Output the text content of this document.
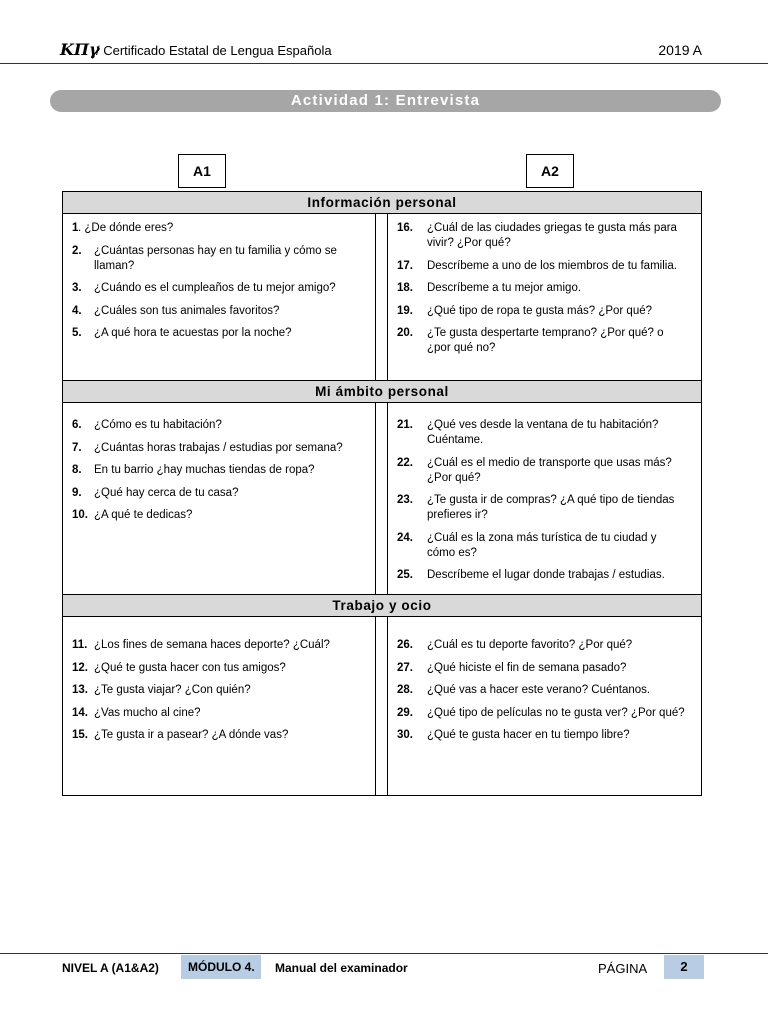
ΚΠγ
/ Certificado Estatal de Lengua Española	2019 A
Actividad 1: Entrevista
A1	A2
Información personal
1 . ¿De dónde eres?
2. ¿Cuántas personas hay en tu familia y cómo se llaman?
3. ¿Cuándo es el cumpleaños de tu mejor amigo?
4. ¿Cuáles son tus animales favoritos?
5. ¿A qué hora te acuestas por la noche?
16. ¿Cuál de las ciudades griegas te gusta más para vivir? ¿Por qué?
17. Descríbeme a uno de los miembros de tu familia.
18. Descríbeme a tu mejor amigo.
19. ¿Qué tipo de ropa te gusta más? ¿Por qué?
20. ¿Te gusta despertarte temprano? ¿Por qué? o ¿por qué no?
Mi ámbito personal
6. ¿Cómo es tu habitación?
7. ¿Cuántas horas trabajas / estudias por semana?
8. En tu barrio ¿hay muchas tiendas de ropa?
9. ¿Qué hay cerca de tu casa?
10. ¿A qué te dedicas?
21. ¿Qué ves desde la ventana de tu habitación? Cuéntame.
22. ¿Cuál es el medio de transporte que usas más? ¿Por qué?
23. ¿Te gusta ir de compras? ¿A qué tipo de tiendas prefieres ir?
24. ¿Cuál es la zona más turística de tu ciudad y cómo es?
25. Descríbeme el lugar donde trabajas / estudias.
Trabajo y ocio
11. ¿Los fines de semana haces deporte? ¿Cuál?
12. ¿Qué te gusta hacer con tus amigos?
13. ¿Te gusta viajar? ¿Con quién?
14. ¿Vas mucho al cine?
15. ¿Te gusta ir a pasear? ¿A dónde vas?
26. ¿Cuál es tu deporte favorito? ¿Por qué?
27. ¿Qué hiciste el fin de semana pasado?
28. ¿Qué vas a hacer este verano? Cuéntanos.
29. ¿Qué tipo de películas no te gusta ver? ¿Por qué?
30. ¿Qué te gusta hacer en tu tiempo libre?
NIVEL A (A1&A2)	MÓDULO 4.	Manual del examinador	PÁGINA	2
